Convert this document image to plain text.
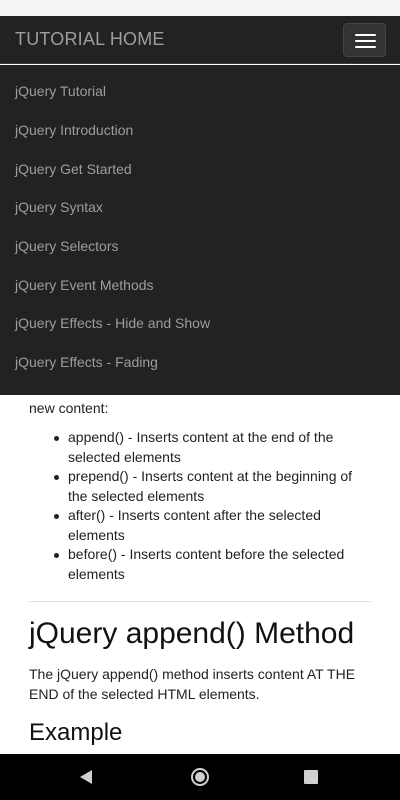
TUTORIAL HOME
new content:
append() - Inserts content at the end of the selected elements
prepend() - Inserts content at the beginning of the selected elements
after() - Inserts content after the selected elements
before() - Inserts content before the selected elements
jQuery append() Method
The jQuery append() method inserts content AT THE END of the selected HTML elements.
Example
jQuery Tutorial
jQuery Introduction
jQuery Get Started
jQuery Syntax
jQuery Selectors
jQuery Event Methods
jQuery Effects - Hide and Show
jQuery Effects - Fading
